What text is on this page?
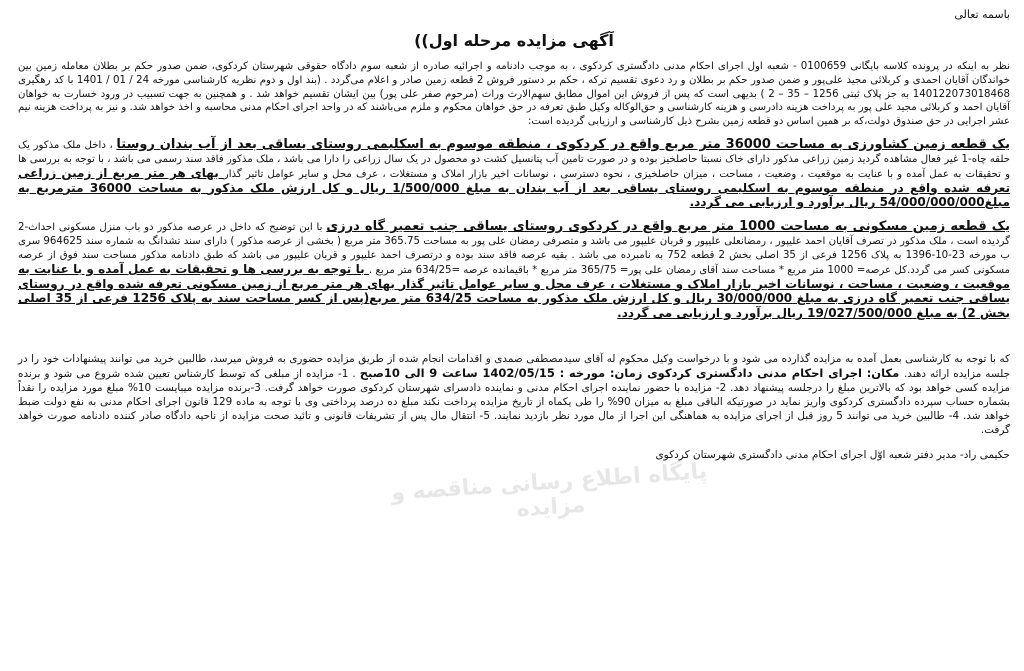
باسمه تعالی
آگهی مزایده مرحله اول))

نظر به اینکه در پرونده کلاسه بایگانی 0100659 - شعبه اول اجرای احکام مدنی دادگستری کردکوی ، به موجب دادنامه و اجرائیه صادره از شعبه سوم دادگاه حقوقی شهرستان کردکوی، ضمن صدور حکم بر بطلان معامله زمین بین خواندگان آقایان احمدی و کربلائی مجید علی‌پور و ضمن صدور حکم بر بطلان و رد دعوی تقسیم ترکه ، حکم بر دستور فروش 2 قطعه زمین صادر و اعلام می‌گردد . (بند اول و دوم نظریه کارشناسی مورخه 24 / 01 / 1401 با کد رهگیری 140122073018468 به جز پلاک ثبتی 1256 – 35 – 2 ) بدیهی است که پس از فروش این اموال مطابق سهم‌الارث وراث (مرحوم صفر علی پور) بین ایشان تقسیم خواهد شد . و همچنین به جهت تسبیب در ورود خسارت به خواهان آقایان احمد و کربلائی مجید علی پور به پرداخت هزینه دادرسی و هزینه کارشناسی و حق‌الوکاله وکیل طبق تعرفه در حق خواهان محکوم و ملزم می‌باشند که در واحد اجرای احکام مدنی محاسبه و اخذ خواهد شد. و نیز به پرداخت هزینه نیم عشر اجرایی در حق صندوق دولت،که بر همین اساس دو قطعه زمین بشرح ذیل کارشناسی و ارزیابی گردیده است:

یک قطعه زمین کشاورزی به مساحت 36000 متر مربع واقع در کردکوی ، منطقه موسوم به اسکلیمی روستای یساقی بعد از آب بندان روستا ، داخل ملک مذکور یک حلقه چاه-1 غیر فعال مشاهده گردید زمین زراعی مذکور دارای خاک نسبتا حاصلخیز بوده و در صورت تامین آب پتانسیل کشت دو محصول در یک سال زراعی را دارا می باشد ، ملک مذکور فاقد سند رسمی می باشد ، با توجه به بررسی ها و تحقیقات به عمل آمده و با عنایت به موقعیت ، وضعیت ، مساحت ، میزان حاصلخیزی ، نحوه دسترسی ، نوسانات اخیر بازار املاک و مستغلات ، عرف محل و سایر عوامل تاثیر گذار بهای هر متر مربع از زمین زراعی تعرفه شده واقع در منطقه موسوم به اسکلیمی روستای یساقی بعد از آب بندان به مبلغ 1/500/000 ریال و کل ارزش ملک مذکور به مساحت 36000 مترمربع به مبلغ54/000/000/000 ریال برآورد و ارزیابی می گردد.

یک قطعه زمین مسکونی به مساحت 1000 متر مربع واقع در کردکوی روستای یساقی جنب تعمیر گاه درزی با این توضیح که داخل در عرصه مذکور دو باب منزل مسکونی احداث-2 گردیده است ، ملک مذکور در تصرف آقایان احمد علیپور ، رمضانعلی علیپور و قربان علیپور می باشد و متصرفی رمضان علی پور به مساحت 365.75 متر مربع ( بخشی از عرصه مذکور ) دارای سند تشدانگ به شماره سند 964625 سری ب مورخه 23-10-1396 به پلاک 1256 فرعی از 35 اصلی بخش 2 قطعه 752 به نامبرده می باشد . بقیه عرصه فاقد سند بوده و درتصرف احمد علیپور و قربان علیپور می باشد که طبق دادنامه مذکور مساحت سند فوق از عرصه مسکونی کسر می گردد.کل عرصه= 1000 متر مربع * مساحت سند آقای رمضان علی پور= 365/75 متر مربع * باقیمانده عرصه =634/25 متر مربع . با توجه به بررسی ها و تحقیقات به عمل آمده و با عنایت به موقعیت ، وضعیت ، مساحت ، نوسانات اخیر بازار املاک و مستغلات ، عرف محل و سایر عوامل تاثیر گذار بهای هر متر مربع از زمین مسکونی تعرفه شده واقع در روستای یساقی جنب تعمیر گاه درزی به مبلغ 30/000/000 ریال و کل ارزش ملک مذکور به مساحت 634/25 متر مربع(پس از کسر مساحت سند به پلاک 1256 فرعی از 35 اصلی بخش 2) به مبلغ 19/027/500/000 ریال برآورد و ارزیابی می گردد.

که با توجه به کارشناسی بعمل آمده به مزایده گذارده می شود و با درخواست وکیل محکوم له آقای سیدمصطفی صمدی و اقدامات انجام شده از طریق مزایده حضوری به فروش میرسد، طالبین خرید می توانند پیشنهادات خود را در جلسه مزایده ارائه دهند. مکان: اجرای احکام مدنی دادگستری کردکوی زمان: مورخه : 1402/05/15 ساعت 9 الی 10صبح . 1- مزایده از مبلغی که توسط کارشناس تعیین شده شروع می شود و برنده مزایده کسی خواهد بود که بالاترین مبلغ را درجلسه پیشنهاد دهد. 2- مزایده با حضور نماینده اجرای احکام مدنی و نماینده دادسرای شهرستان کردکوی صورت خواهد گرفت. 3-برنده مزایده میبایست 10% مبلغ مورد مزایده را نقداً بشماره حساب سپرده دادگستری کردکوی واریز نماید در صورتیکه الباقی مبلغ به میزان 90% را طی یکماه از تاریخ مزایده پرداخت نکند مبلغ ده درصد پرداختی وی با توجه به ماده 129 قانون اجرای احکام مدنی به نفع دولت ضبط خواهد شد. 4- طالبین خرید می توانند 5 روز قبل از اجرای مزایده به هماهنگی این اجرا از مال مورد نظر بازدید نمایند. 5- انتقال مال پس از تشریفات قانونی و تائید صحت مزایده از ناحیه دادگاه صادر کننده دادنامه صورت خواهد گرفت.

حکیمی راد- مدیر دفتر شعبه اوّل اجرای احکام مدنی دادگستری شهرستان کردکوی
پایگاه اطلاع رسانی مناقصه و مزایده
